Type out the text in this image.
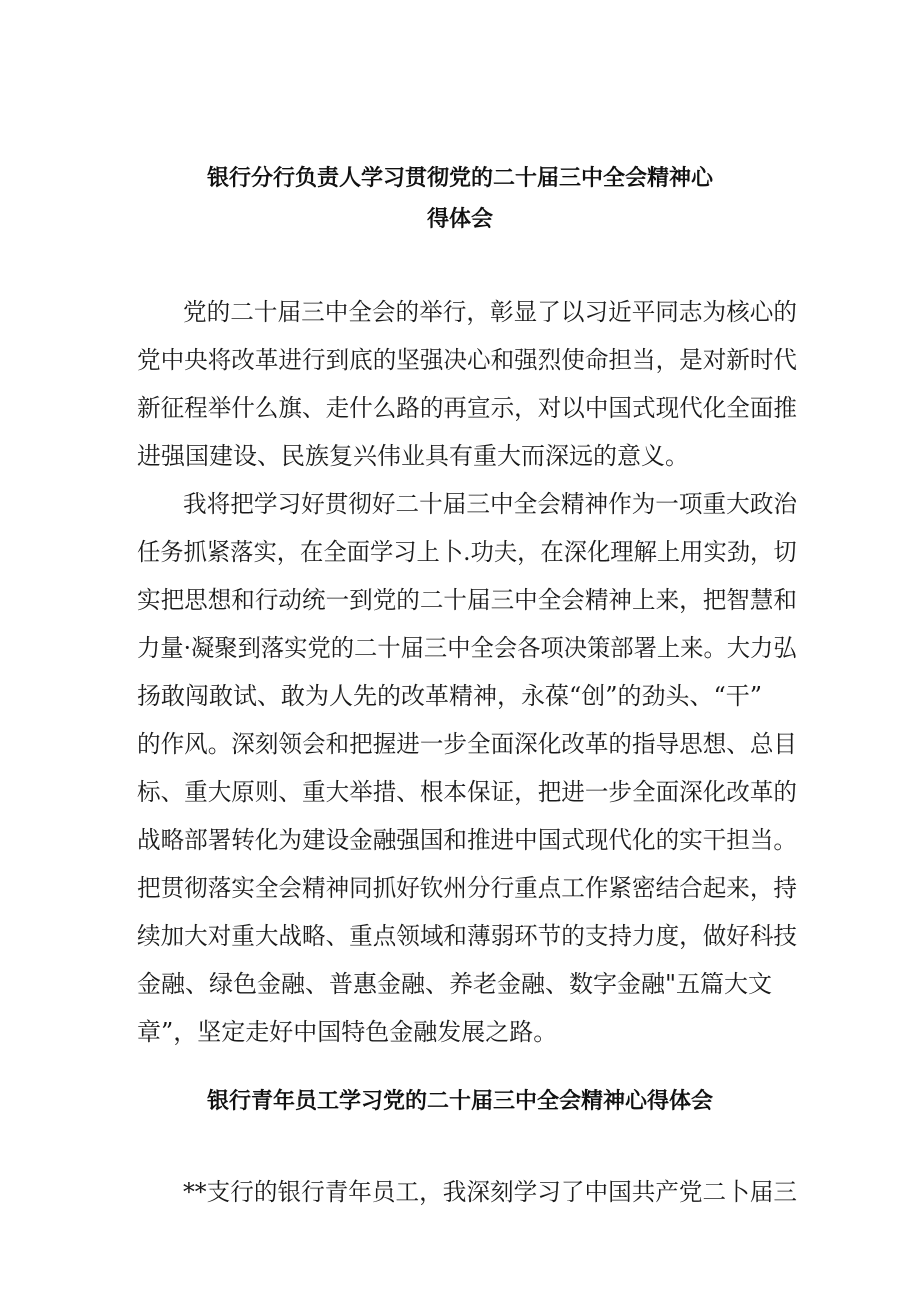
银行分行负责人学习贯彻党的二十届三中全会精神心
得体会
党的二十届三中全会的举行，彰显了以习近平同志为核心的
党中央将改革进行到底的坚强决心和强烈使命担当，是对新时代
新征程举什么旗、走什么路的再宣示，对以中国式现代化全面推
进强国建设、民族复兴伟业具有重大而深远的意义。
我将把学习好贯彻好二十届三中全会精神作为一项重大政治
任务抓紧落实，在全面学习上卜.功夫，在深化理解上用实劲，切
实把思想和行动统一到党的二十届三中全会精神上来，把智慧和
力量·凝聚到落实党的二十届三中全会各项决策部署上来。大力弘
扬敢闯敢试、敢为人先的改革精神，永葆“创”的劲头、“干”
的作风。深刻领会和把握进一步全面深化改革的指导思想、总目
标、重大原则、重大举措、根本保证，把进一步全面深化改革的
战略部署转化为建设金融强国和推进中国式现代化的实干担当。
把贯彻落实全会精神同抓好钦州分行重点工作紧密结合起来，持
续加大对重大战略、重点领域和薄弱环节的支持力度，做好科技
金融、绿色金融、普惠金融、养老金融、数字金融"五篇大文
章”，坚定走好中国特色金融发展之路。
银行青年员工学习党的二十届三中全会精神心得体会
**支行的银行青年员工，我深刻学习了中国共产党二卜届三
